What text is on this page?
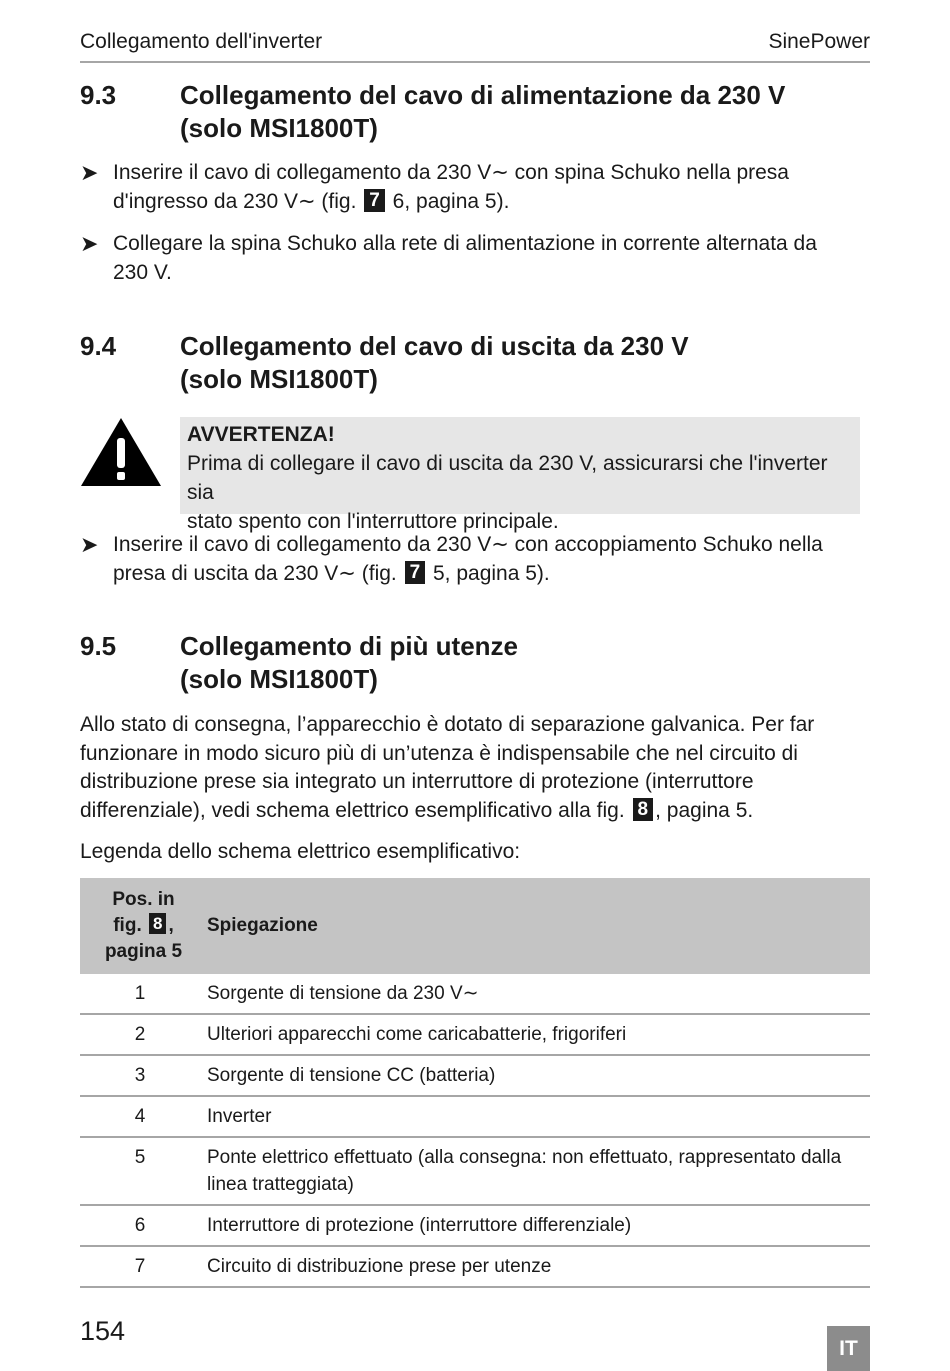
Collegamento dell'inverter	SinePower
9.3 Collegamento del cavo di alimentazione da 230 V
(solo MSI1800T)
➤ Inserire il cavo di collegamento da 230 V∼ con spina Schuko nella presa
d'ingresso da 230 V∼ (fig. 7 6, pagina 5).
➤ Collegare la spina Schuko alla rete di alimentazione in corrente alternata da
230 V.
9.4 Collegamento del cavo di uscita da 230 V
(solo MSI1800T)
AVVERTENZA!
Prima di collegare il cavo di uscita da 230 V, assicurarsi che l'inverter sia
stato spento con l'interruttore principale.
➤ Inserire il cavo di collegamento da 230 V∼ con accoppiamento Schuko nella
presa di uscita da 230 V∼ (fig. 7 5, pagina 5).
9.5 Collegamento di più utenze
(solo MSI1800T)
Allo stato di consegna, l’apparecchio è dotato di separazione galvanica. Per far
funzionare in modo sicuro più di un’utenza è indispensabile che nel circuito di
distribuzione prese sia integrato un interruttore di protezione (interruttore
differenziale), vedi schema elettrico esemplificativo alla fig. 8 , pagina 5.
Legenda dello schema elettrico esemplificativo:
Pos. in
fig. 8 ,
pagina 5	Spiegazione
1	Sorgente di tensione da 230 V∼
2	Ulteriori apparecchi come caricabatterie, frigoriferi
3	Sorgente di tensione CC (batteria)
4	Inverter
5	Ponte elettrico effettuato (alla consegna: non effettuato, rappresentato dalla linea tratteggiata)
6	Interruttore di protezione (interruttore differenziale)
7	Circuito di distribuzione prese per utenze
154
IT
